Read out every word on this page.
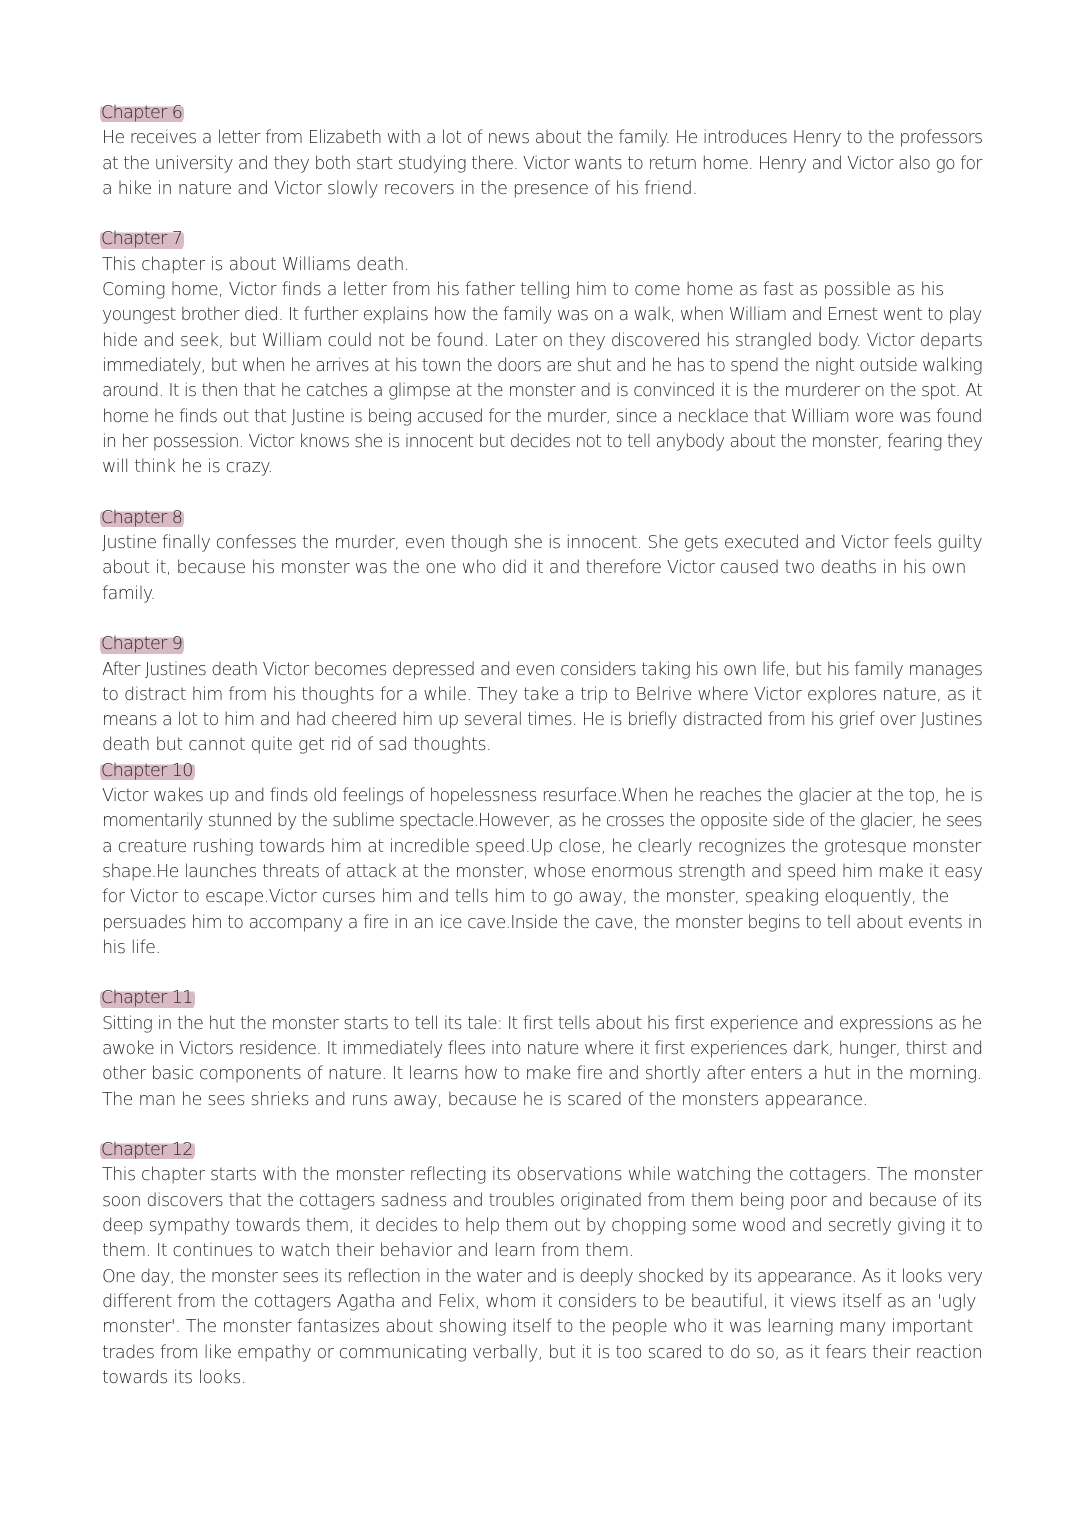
Chapter 6

He receives a letter from Elizabeth with a lot of news about the family. He introduces Henry to the professors
at the university and they both start studying there. Victor wants to return home. Henry and Victor also go for
a hike in nature and Victor slowly recovers in the presence of his friend.

Chapter 7

This chapter is about Williams death.
Coming home, Victor finds a letter from his father telling him to come home as fast as possible as his
youngest brother died. It further explains how the family was on a walk, when William and Ernest went to play
hide and seek, but William could not be found. Later on they discovered his strangled body. Victor departs
immediately, but when he arrives at his town the doors are shut and he has to spend the night outside walking
around. It is then that he catches a glimpse at the monster and is convinced it is the murderer on the spot. At
home he finds out that Justine is being accused for the murder, since a necklace that William wore was found
in her possession. Victor knows she is innocent but decides not to tell anybody about the monster, fearing they
will think he is crazy.

Chapter 8

Justine finally confesses the murder, even though she is innocent. She gets executed and Victor feels guilty
about it, because his monster was the one who did it and therefore Victor caused two deaths in his own
family.

Chapter 9

After Justines death Victor becomes depressed and even considers taking his own life, but his family manages
to distract him from his thoughts for a while. They take a trip to Belrive where Victor explores nature, as it
means a lot to him and had cheered him up several times. He is briefly distracted from his grief over Justines
death but cannot quite get rid of sad thoughts.

Chapter 10

Victor wakes up and finds old feelings of hopelessness resurface.When he reaches the glacier at the top, he is
momentarily stunned by the sublime spectacle.However, as he crosses the opposite side of the glacier, he sees
a creature rushing towards him at incredible speed.Up close, he clearly recognizes the grotesque monster
shape.He launches threats of attack at the monster, whose enormous strength and speed him make it easy
for Victor to escape.Victor curses him and tells him to go away, the monster, speaking eloquently, the
persuades him to accompany a fire in an ice cave.Inside the cave, the monster begins to tell about events in
his life.

Chapter 11

Sitting in the hut the monster starts to tell its tale: It first tells about his first experience and expressions as he
awoke in Victors residence. It immediately flees into nature where it first experiences dark, hunger, thirst and
other basic components of nature. It learns how to make fire and shortly after enters a hut in the morning.
The man he sees shrieks and runs away, because he is scared of the monsters appearance.

Chapter 12

This chapter starts with the monster reflecting its observations while watching the cottagers. The monster
soon discovers that the cottagers sadness and troubles originated from them being poor and because of its
deep sympathy towards them, it decides to help them out by chopping some wood and secretly giving it to
them. It continues to watch their behavior and learn from them.
One day, the monster sees its reflection in the water and is deeply shocked by its appearance. As it looks very
different from the cottagers Agatha and Felix, whom it considers to be beautiful, it views itself as an 'ugly
monster'. The monster fantasizes about showing itself to the people who it was learning many important
trades from like empathy or communicating verbally, but it is too scared to do so, as it fears their reaction
towards its looks.
